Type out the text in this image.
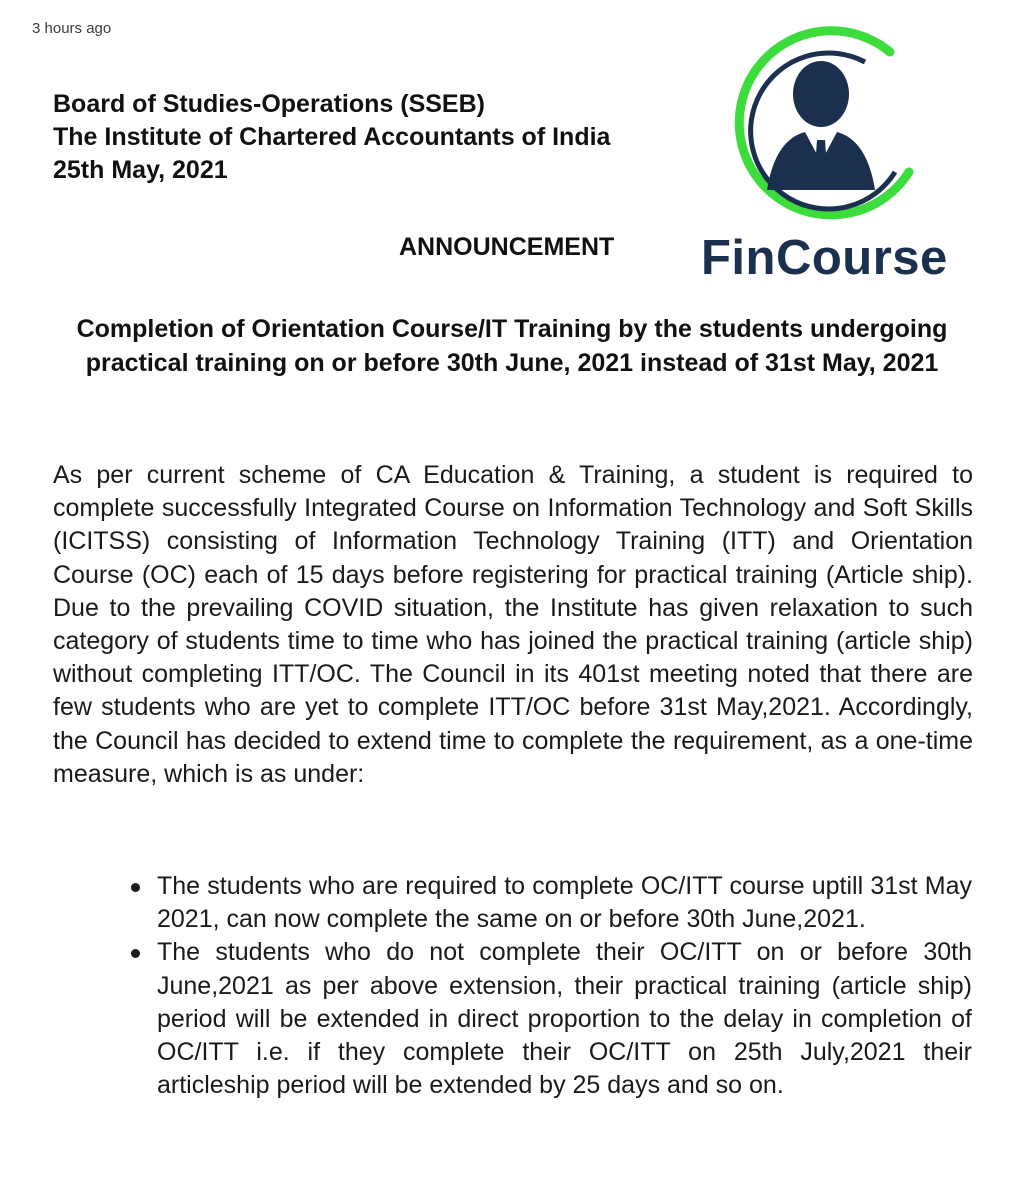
3 hours ago
Board of Studies-Operations (SSEB)
The Institute of Chartered Accountants of India
25th May, 2021
FinCourse
ANNOUNCEMENT
Completion of Orientation Course/IT Training by the students undergoing practical training on or before 30th June, 2021 instead of 31st May, 2021

As per current scheme of CA Education & Training, a student is required to complete successfully Integrated Course on Information Technology and Soft Skills (ICITSS) consisting of Information Technology Training (ITT) and Orientation Course (OC) each of 15 days before registering for practical training (Article ship). Due to the prevailing COVID situation, the Institute has given relaxation to such category of students time to time who has joined the practical training (article ship) without completing ITT/OC. The Council in its 401st meeting noted that there are few students who are yet to complete ITT/OC before 31st May,2021. Accordingly, the Council has decided to extend time to complete the requirement, as a one-time measure, which is as under:

The students who are required to complete OC/ITT course uptill 31st May 2021, can now complete the same on or before 30th June,2021.
The students who do not complete their OC/ITT on or before 30th June,2021 as per above extension, their practical training (article ship) period will be extended in direct proportion to the delay in completion of OC/ITT i.e. if they complete their OC/ITT on 25th July,2021 their articleship period will be extended by 25 days and so on.
